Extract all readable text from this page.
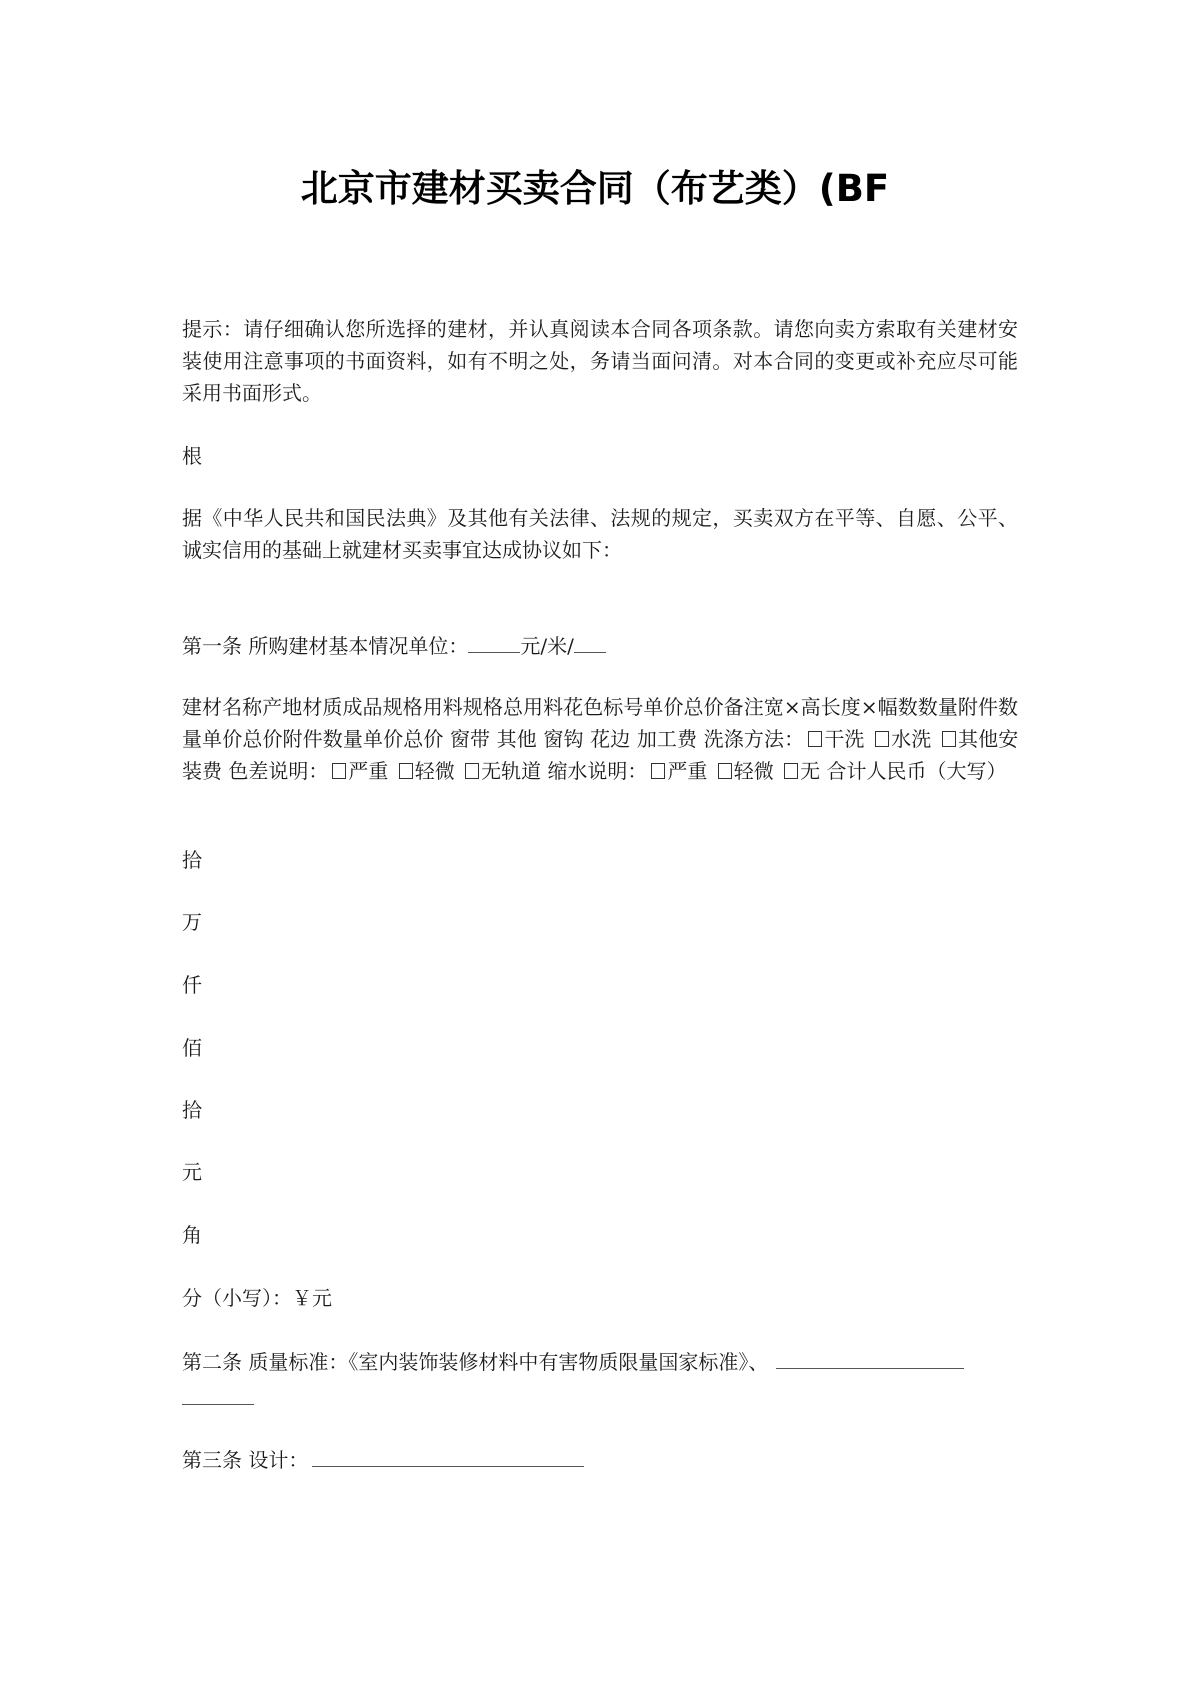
北京市建材买卖合同（布艺类）(BF
提示：请仔细确认您所选择的建材，并认真阅读本合同各项条款。请您向卖方索取有关建材安装使用注意事项的书面资料，如有不明之处，务请当面问清。对本合同的变更或补充应尽可能采用书面形式。
根
据《中华人民共和国民法典》及其他有关法律、法规的规定，买卖双方在平等、自愿、公平、诚实信用的基础上就建材买卖事宜达成协议如下：
第一条 所购建材基本情况单位：	元/米/
建材名称产地材质成品规格用料规格总用料花色标号单价总价备注宽×高长度×幅数数量附件数量单价总价附件数量单价总价 窗带 其他 窗钩 花边 加工费 洗涤方法： 干洗 水洗 其他安装费 色差说明： 严重 轻微 无轨道 缩水说明： 严重 轻微 无 合计人民币（大写）
拾
万
仟
佰
拾
元
角
分（小写）：￥元
第二条 质量标准：《室内装饰装修材料中有害物质限量国家标准》、
第三条 设计：
